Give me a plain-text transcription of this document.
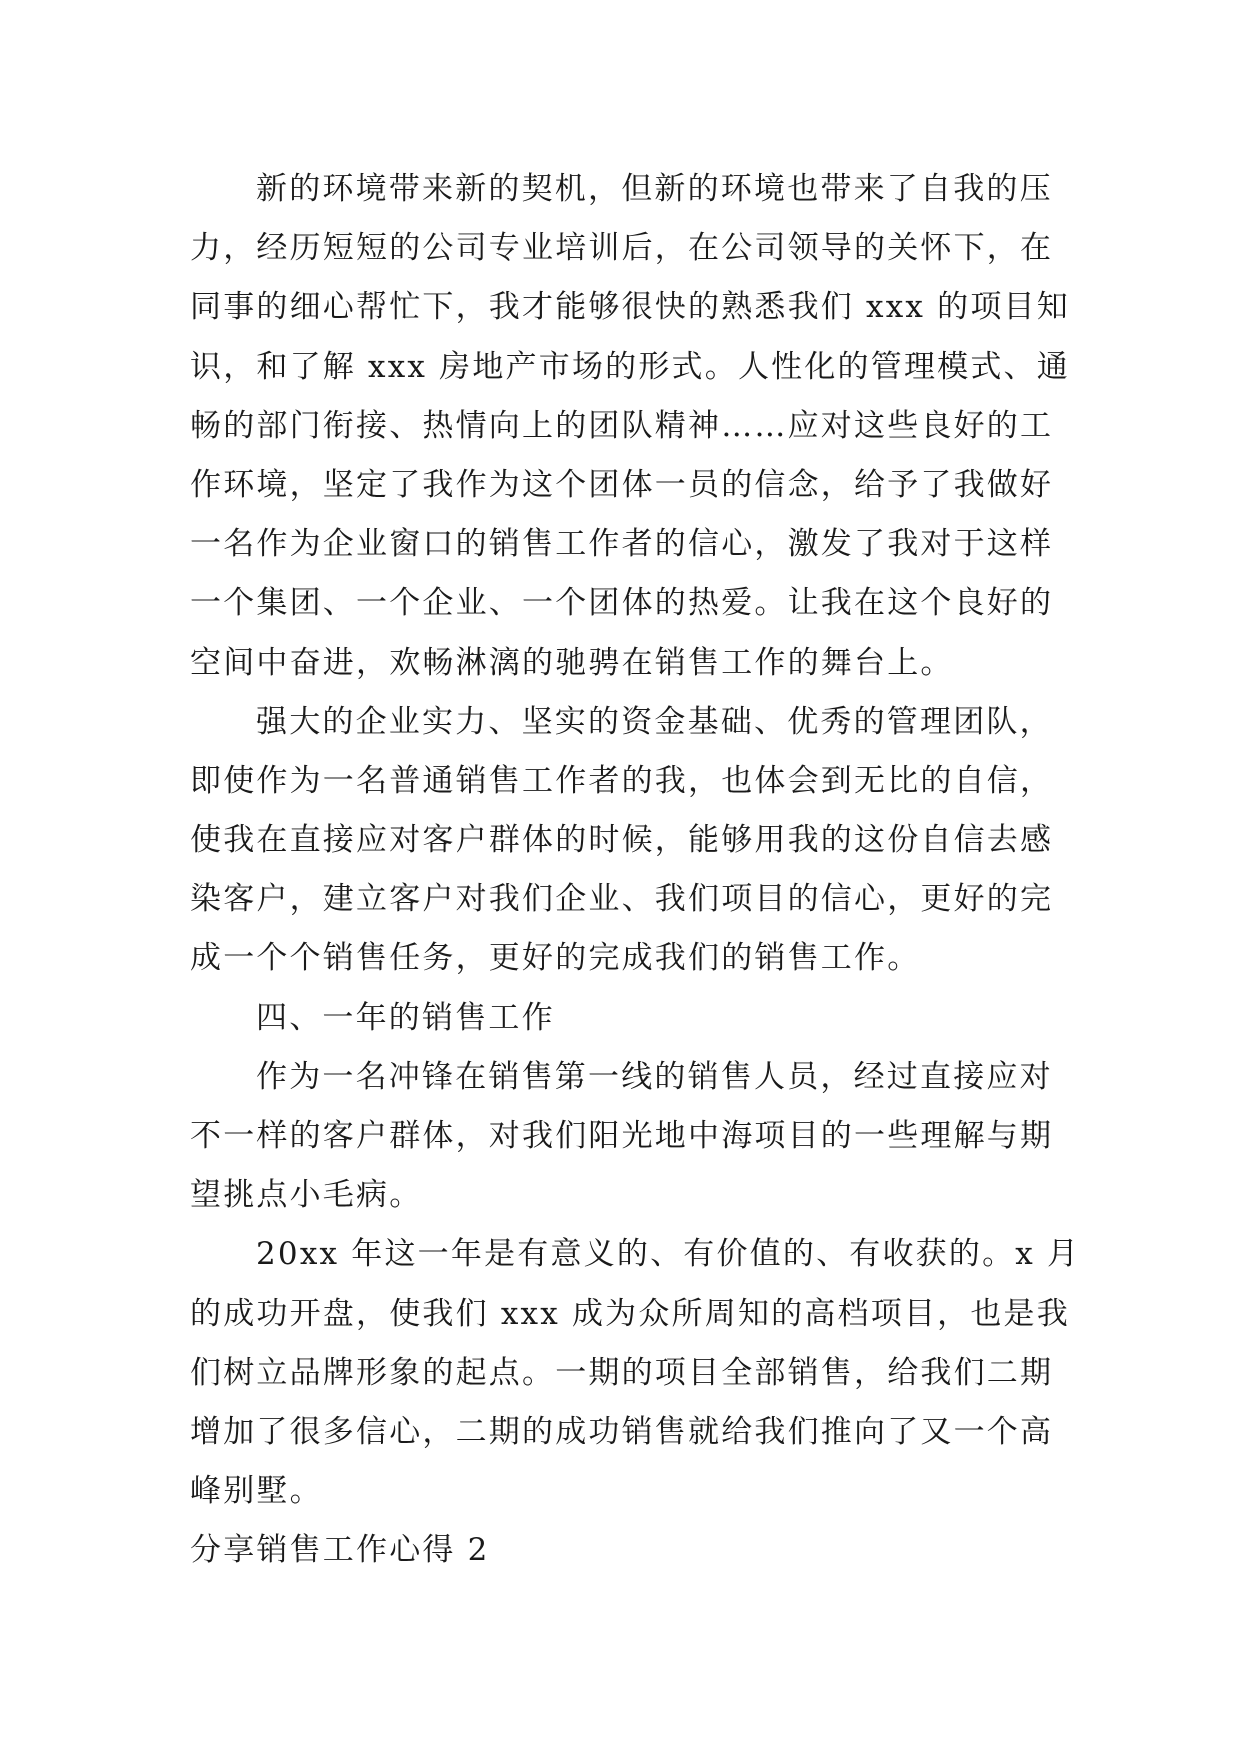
新的环境带来新的契机，但新的环境也带来了自我的压
力，经历短短的公司专业培训后，在公司领导的关怀下，在
同事的细心帮忙下，我才能够很快的熟悉我们 xxx 的项目知
识，和了解 xxx 房地产市场的形式。人性化的管理模式、通
畅的部门衔接、热情向上的团队精神……应对这些良好的工
作环境，坚定了我作为这个团体一员的信念，给予了我做好
一名作为企业窗口的销售工作者的信心，激发了我对于这样
一个集团、一个企业、一个团体的热爱。让我在这个良好的
空间中奋进，欢畅淋漓的驰骋在销售工作的舞台上。
强大的企业实力、坚实的资金基础、优秀的管理团队，
即使作为一名普通销售工作者的我，也体会到无比的自信，
使我在直接应对客户群体的时候，能够用我的这份自信去感
染客户，建立客户对我们企业、我们项目的信心，更好的完
成一个个销售任务，更好的完成我们的销售工作。
四、一年的销售工作
作为一名冲锋在销售第一线的销售人员，经过直接应对
不一样的客户群体，对我们阳光地中海项目的一些理解与期
望挑点小毛病。
20xx 年这一年是有意义的、有价值的、有收获的。x 月
的成功开盘，使我们 xxx 成为众所周知的高档项目，也是我
们树立品牌形象的起点。一期的项目全部销售，给我们二期
增加了很多信心，二期的成功销售就给我们推向了又一个高
峰别墅。
分享销售工作心得 2
